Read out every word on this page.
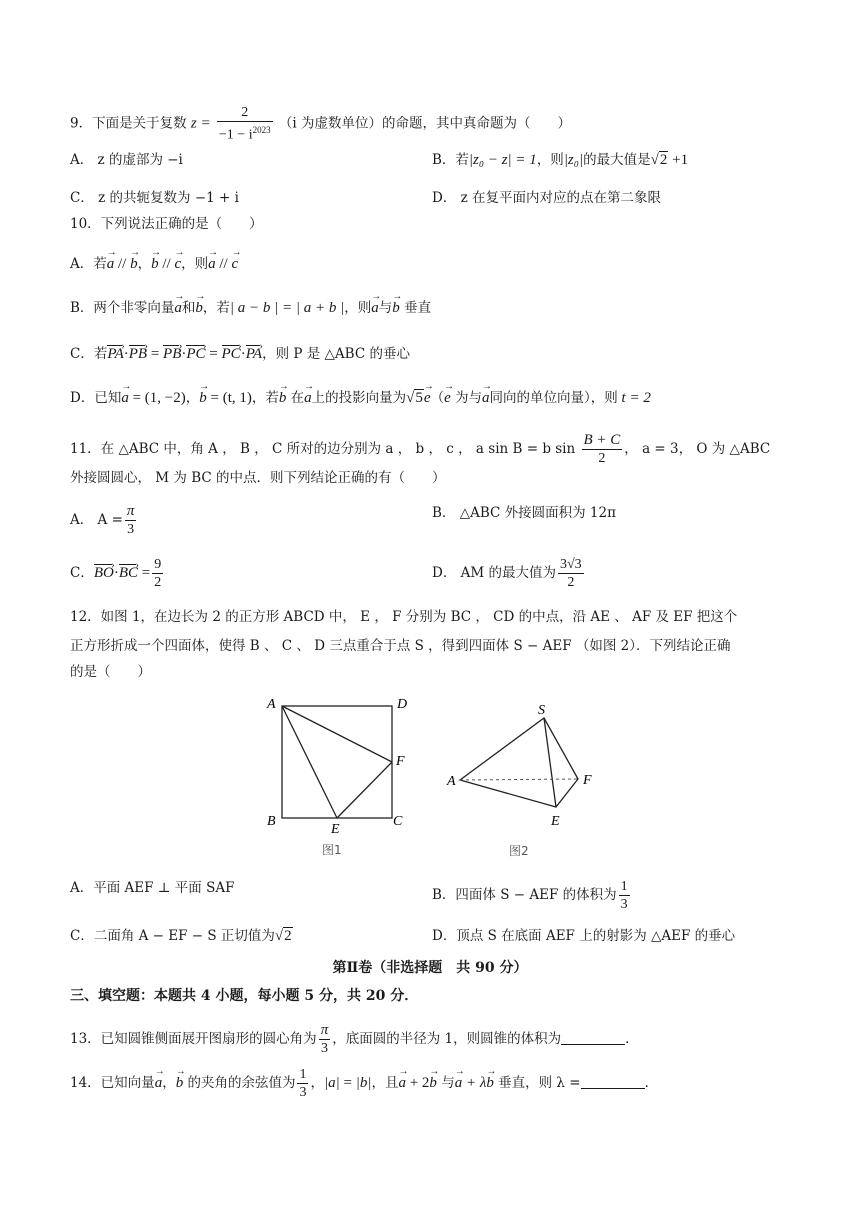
9．下面是关于复数 $z = \frac{2}{-1 - i^{2023}} (i$ 为虚数单位）的命题，其中真命题为（   ）
A． z 的虚部为 −i	B．若|z₀ − z| = 1，则|z₀|的最大值是√2 +1
C． z 的共轭复数为 −1 + i	D． z 在复平面内对应的点在第二象限
10．下列说法正确的是（　　）
A．若→ a // → b，→ b // → c，则→ a // → c
B．两个非零向量→ a和→ b，若| a − b | = | a + b |，则→ a与→ b 垂直
C．若PA ›·PB › = PB ›·PC › = PC ›·PA ›，则 P 是 △ABC 的垂心
D．已知→ a = (1, −2)，→ b = (t, 1)，若→ b 在→ a上的投影向量为√5→ e（→ e 为与→ a同向的单位向量），则 t = 2
11．在 △ABC 中，角 A ， B ， C 所对的边分别为 a ， b ， c ， a sin B = b $\sin \frac{B + C}{2}$ ， a = 3， O 为 △ABC
外接圆圆心， M 为 BC 的中点．则下列结论正确的有（　　）
A． $A = \frac{\pi}{3}$	B． △ABC 外接圆面积为 12π
C．BO ›·BC › = $\frac{9}{2}$	D． AM 的最大值为 $\frac{3√3}{2}$
12．如图 1，在边长为 2 的正方形 ABCD 中， E ， F 分别为 BC ， CD 的中点，沿 AE 、 AF 及 EF 把这个
正方形折成一个四面体，使得 B 、 C 、 D 三点重合于点 S ，得到四面体 S − AEF （如图 2）．下列结论正确
的是（　　）
A	D
F
B
E
C
图1
S
A	F
E
图2
A．平面 AEF ⊥ 平面 SAF	B．四面体 S − AEF 的体积为 $\frac{1}{3}$
C．二面角 A − EF − S 正切值为√2	D．顶点 S 在底面 AEF 上的射影为 △AEF 的垂心
第Ⅱ卷（非选择题　共 90 分）
三、填空题：本题共 4 小题，每小题 5 分，共 20 分．
13．已知圆锥侧面展开图扇形的圆心角为 $\frac{\pi}{3}$ ，底面圆的半径为 1，则圆锥的体积为	．
14．已知向量→ a，→ b 的夹角的余弦值为 $\frac{1}{3}$ ，|a| = |b|，且→ a + 2→ b 与→ a + λ→ b 垂直，则 λ =	．
